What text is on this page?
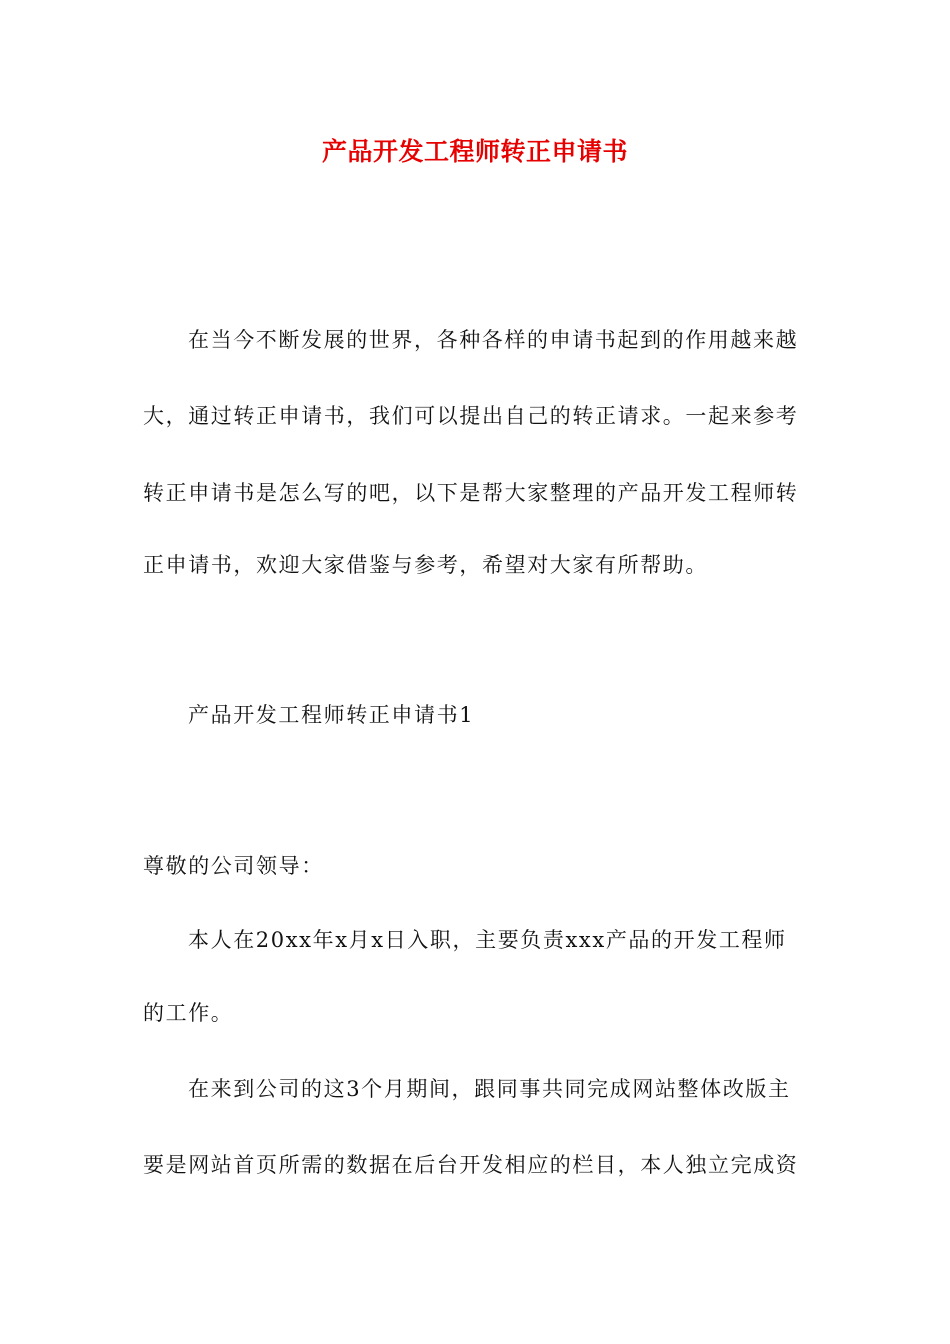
产品开发工程师转正申请书
在当今不断发展的世界，各种各样的申请书起到的作用越来越
大，通过转正申请书，我们可以提出自己的转正请求。一起来参考
转正申请书是怎么写的吧，以下是帮大家整理的产品开发工程师转
正申请书，欢迎大家借鉴与参考，希望对大家有所帮助。
产品开发工程师转正申请书1
尊敬的公司领导：
本人在20xx年x月x日入职，主要负责xxx产品的开发工程师
的工作。
在来到公司的这3个月期间，跟同事共同完成网站整体改版主
要是网站首页所需的数据在后台开发相应的栏目，本人独立完成资
